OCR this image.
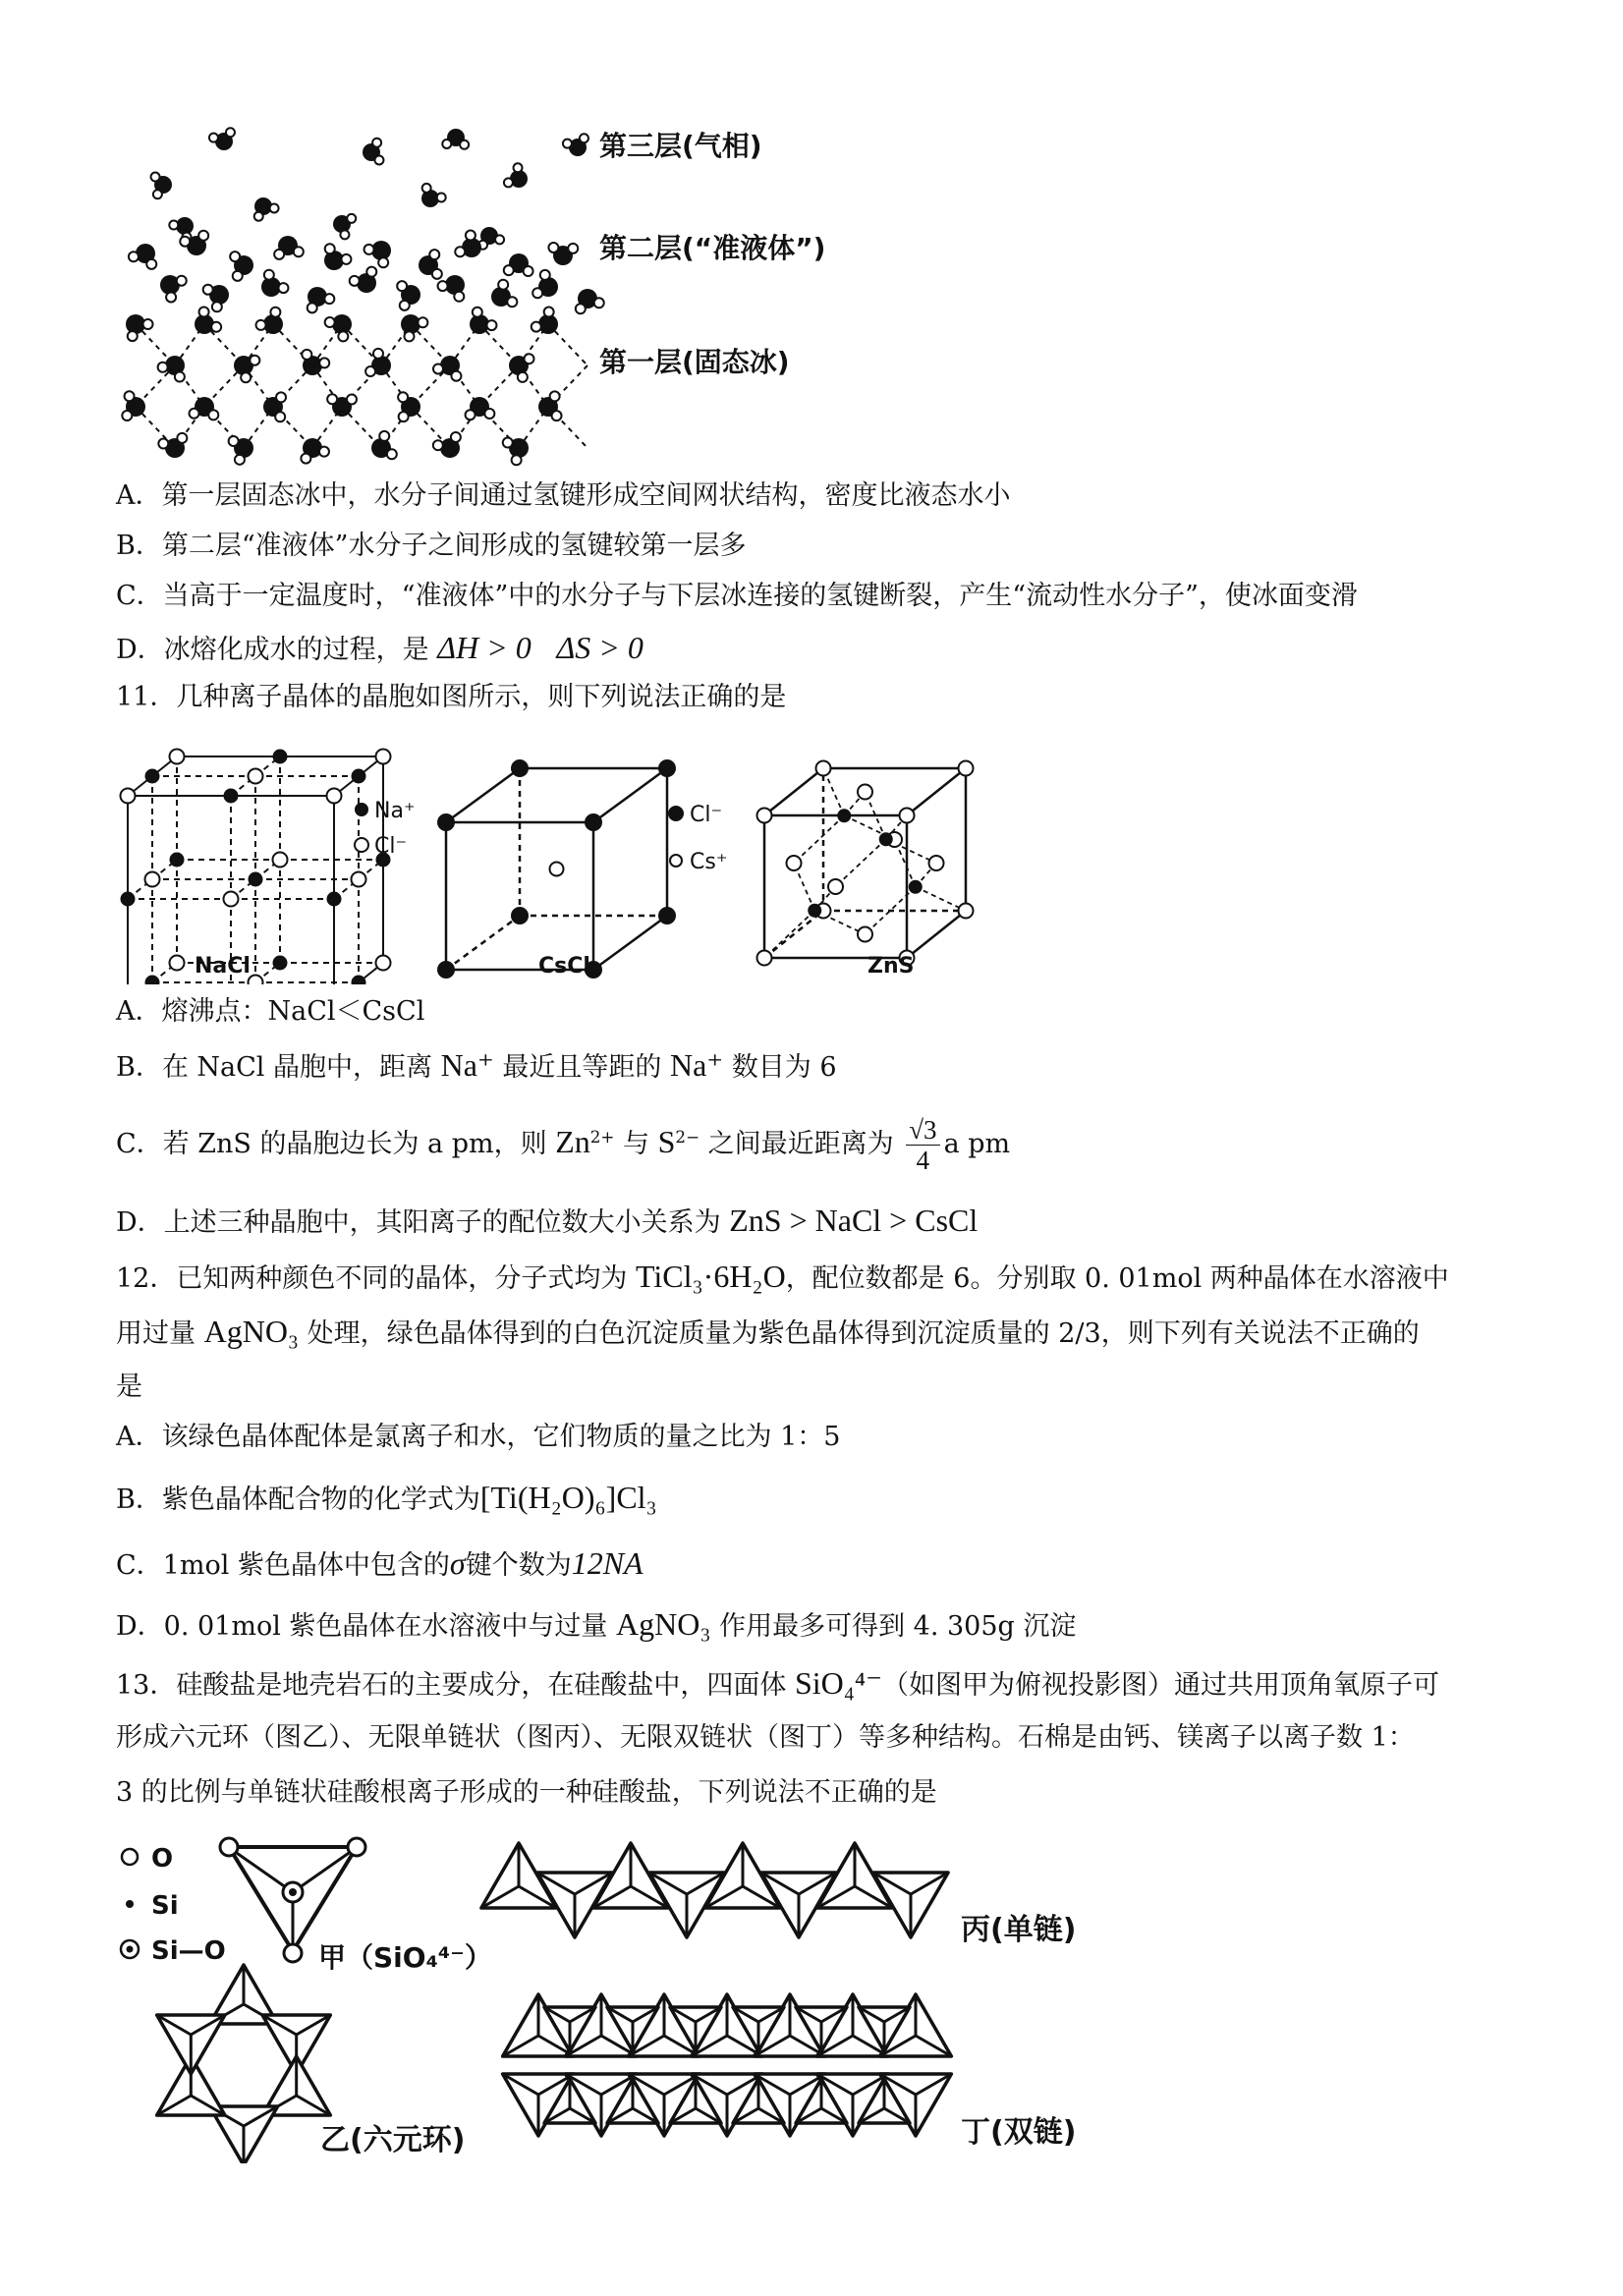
第三层(气相)
第二层(“准液体”)
第一层(固态冰)
A．第一层固态冰中，水分子间通过氢键形成空间网状结构，密度比液态水小
B．第二层“准液体”水分子之间形成的氢键较第一层多
C．当高于一定温度时，“准液体”中的水分子与下层冰连接的氢键断裂，产生“流动性水分子”，使冰面变滑
D．冰熔化成水的过程，是 ΔH > 0 ΔS > 0
11．几种离子晶体的晶胞如图所示，则下列说法正确的是
Na⁺
Cl⁻
NaCl
Cl⁻
Cs⁺
CsCl	ZnS
A．熔沸点：NaCl＜CsCl
B．在 NaCl 晶胞中，距离 Na⁺ 最近且等距的 Na⁺ 数目为 6
C．若 ZnS 的晶胞边长为 a pm，则 $Zn^{2+}$ 与 $S^{2-}$ 之间最近距离为 $\frac{√3}{4}$ a pm
D．上述三种晶胞中，其阳离子的配位数大小关系为 ZnS > NaCl > CsCl
12．已知两种颜色不同的晶体，分子式均为 TiCl₃·6H₂O，配位数都是 6。分别取 0. 01mol 两种晶体在水溶液中
用过量 AgNO₃ 处理，绿色晶体得到的白色沉淀质量为紫色晶体得到沉淀质量的 2/3，则下列有关说法不正确的
是
A．该绿色晶体配体是氯离子和水，它们物质的量之比为 1：5
B．紫色晶体配合物的化学式为[Ti(H₂O)₆]Cl₃
C．1mol 紫色晶体中包含的σ键个数为12NA
D．0. 01mol 紫色晶体在水溶液中与过量 AgNO₃ 作用最多可得到 4. 305g 沉淀
13．硅酸盐是地壳岩石的主要成分，在硅酸盐中，四面体 SiO₄⁴⁻（如图甲为俯视投影图）通过共用顶角氧原子可
形成六元环（图乙）、无限单链状（图丙）、无限双链状（图丁）等多种结构。石棉是由钙、镁离子以离子数 1：
3 的比例与单链状硅酸根离子形成的一种硅酸盐，下列说法不正确的是
O
Si
Si—O	甲（SiO₄⁴⁻）
丙(单链)
乙(六元环)	丁(双链)
